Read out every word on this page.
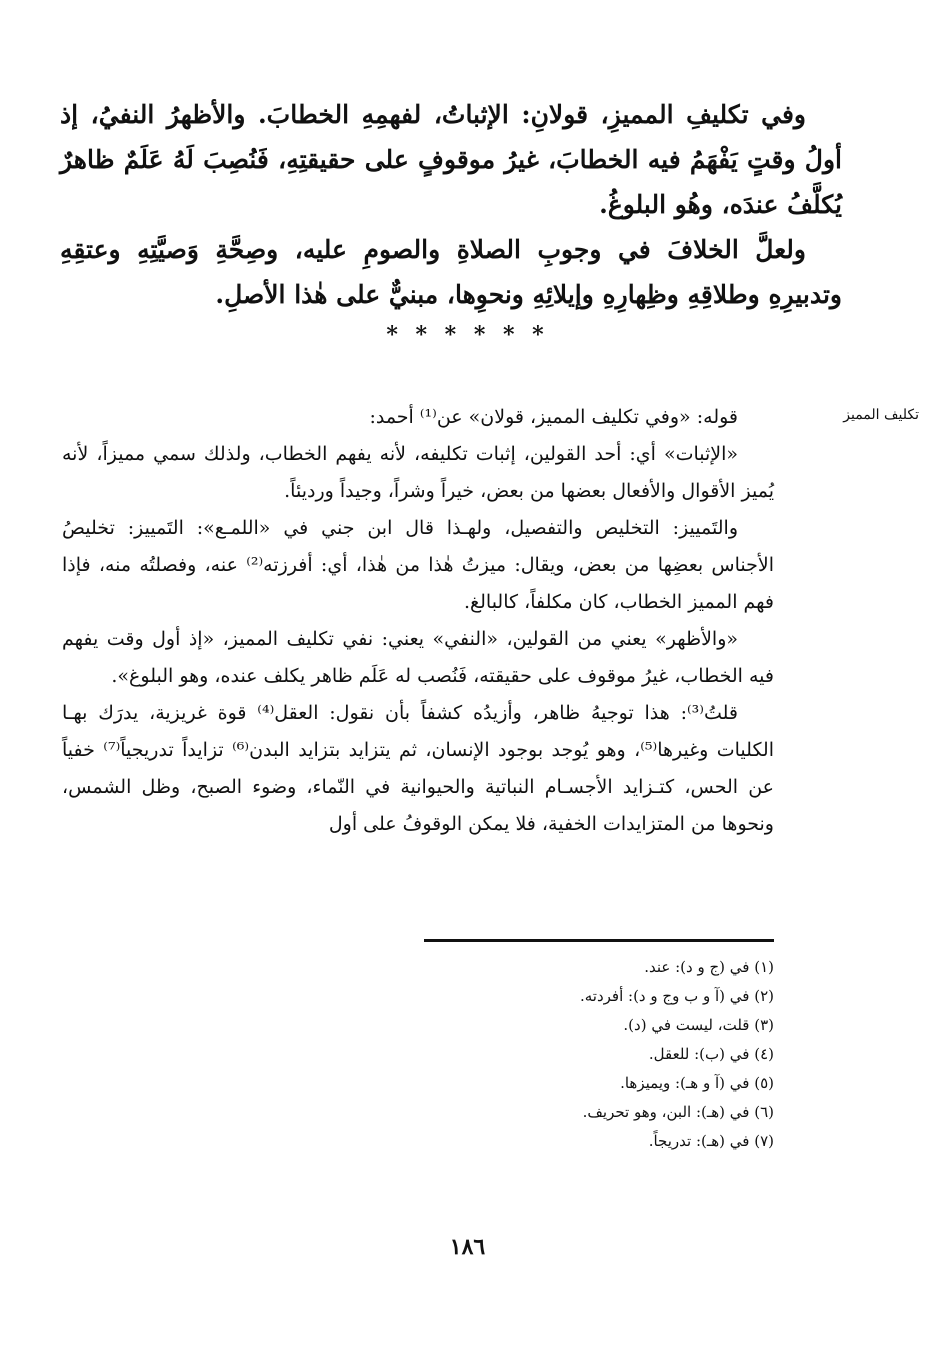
وفي تكليفِ المميزِ، قولانِ: الإثباتُ، لفهمِهِ الخطابَ. والأظهرُ النفيُ، إذ أولُ وقتٍ يَفْهَمُ فيه الخطابَ، غيرُ موقوفٍ على حقيقتِهِ، فَنُصِبَ لَهُ عَلَمٌ ظاهرٌ يُكلَّفُ عندَه، وهُو البلوغُ.

ولعلَّ الخلافَ في وجوبِ الصلاةِ والصومِ عليه، وصِحَّةِ وَصيَّتِهِ وعتقِهِ وتدبيرِهِ وطلاقِهِ وظِهارِهِ وإيلائِهِ ونحوِها، مبنيٌّ على هٰذا الأصلِ.

* * * * * *
تكليف المميز

قوله: «وفي تكليف المميز، قولان» عن⁽¹⁾ أحمد:

«الإثبات» أي: أحد القولين، إثبات تكليفه، لأنه يفهم الخطاب، ولذلك سمي مميزاً، لأنه يُميز الأقوال والأفعال بعضها من بعض، خيراً وشراً، وجيداً ورديئاً.

والتَمييز: التخليص والتفصيل، ولهـذا قال ابن جني في «اللمـع»: التَمييز: تخليصُ الأجناس بعضِها من بعض، ويقال: ميزتُ هٰذا من هٰذا، أي: أفرزته⁽²⁾ عنه، وفصلتُه منه، فإذا فهم المميز الخطاب، كان مكلفاً، كالبالغ.

«والأظهر» يعني من القولين، «النفي» يعني: نفي تكليف المميز، «إذ أول وقت يفهم فيه الخطاب، غيرُ موقوف على حقيقته، فَنُصب له عَلَم ظاهر يكلف عنده، وهو البلوغ».

قلتُ⁽³⁾: هذا توجيهُ ظاهر، وأزيدُه كشفاً بأن نقول: العقل⁽⁴⁾ قوة غريزية، يدرَك بهـا الكليات وغيرها⁽⁵⁾، وهو يُوجد بوجود الإنسان، ثم يتزايد بتزايد البدن⁽⁶⁾ تزايداً تدريجياً⁽⁷⁾ خفياً عن الحس، كتـزايد الأجسـام النباتية والحيوانية في النّماء، وضوء الصبح، وظل الشمس، ونحوها من المتزايدات الخفية، فلا يمكن الوقوفُ على أول

(١) في (ج و د): عند.
(٢) في (آ و ب وج و د): أفردته.
(٣) قلت، ليست في (د).
(٤) في (ب): للعقل.
(٥) في (آ و هـ): ويميزها.
(٦) في (هـ): البن، وهو تحريف.
(٧) في (هـ): تدريجاً.
١٨٦
